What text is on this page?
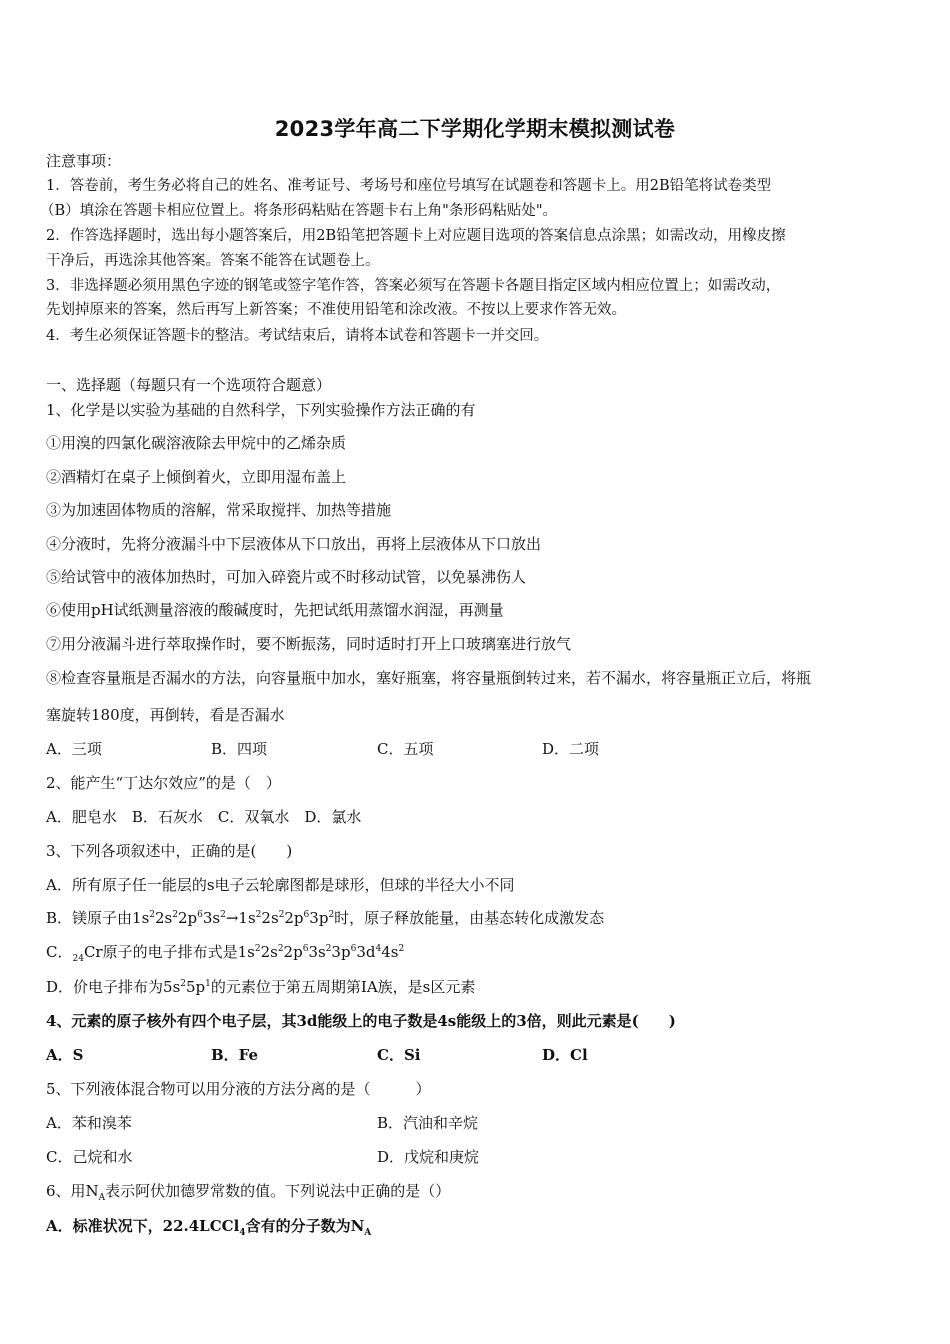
2023学年高二下学期化学期末模拟测试卷
注意事项：
1．答卷前，考生务必将自己的姓名、准考证号、考场号和座位号填写在试题卷和答题卡上。用2B铅笔将试卷类型
（B）填涂在答题卡相应位置上。将条形码粘贴在答题卡右上角"条形码粘贴处"。
2．作答选择题时，选出每小题答案后，用2B铅笔把答题卡上对应题目选项的答案信息点涂黑；如需改动，用橡皮擦
干净后，再选涂其他答案。答案不能答在试题卷上。
3．非选择题必须用黑色字迹的钢笔或签字笔作答，答案必须写在答题卡各题目指定区域内相应位置上；如需改动，
先划掉原来的答案，然后再写上新答案；不准使用铅笔和涂改液。不按以上要求作答无效。
4．考生必须保证答题卡的整洁。考试结束后，请将本试卷和答题卡一并交回。
一、选择题（每题只有一个选项符合题意）
1、化学是以实验为基础的自然科学，下列实验操作方法正确的有
①用溴的四氯化碳溶液除去甲烷中的乙烯杂质
②酒精灯在桌子上倾倒着火，立即用湿布盖上
③为加速固体物质的溶解，常采取搅拌、加热等措施
④分液时，先将分液漏斗中下层液体从下口放出，再将上层液体从下口放出
⑤给试管中的液体加热时，可加入碎瓷片或不时移动试管，以免暴沸伤人
⑥使用pH试纸测量溶液的酸碱度时，先把试纸用蒸馏水润湿，再测量
⑦用分液漏斗进行萃取操作时，要不断振荡，同时适时打开上口玻璃塞进行放气
⑧检查容量瓶是否漏水的方法，向容量瓶中加水，塞好瓶塞，将容量瓶倒转过来，若不漏水，将容量瓶正立后，将瓶
塞旋转180度，再倒转，看是否漏水
A．三项	B．四项	C．五项	D．二项
2、能产生“丁达尔效应”的是（　）
A．肥皂水　B．石灰水　C．双氧水　D．氯水
3、下列各项叙述中，正确的是(　　)
A．所有原子任一能层的s电子云轮廓图都是球形，但球的半径大小不同
B．镁原子由$1s^22s^22p^63s^2\to 1s^22s^22p^63p^2$时，原子释放能量，由基态转化成激发态
C．$_{24}$Cr原子的电子排布式是$1s^22s^22p^63s^23p^63d^44s^2$
D．价电子排布为$5s^25p^1$的元素位于第五周期第ⅠA族，是s区元素
4、元素的原子核外有四个电子层，其3d能级上的电子数是4s能级上的3倍，则此元素是(　　)
A．S	B．Fe	C．Si	D．Cl
5、下列液体混合物可以用分液的方法分离的是（　　　）
A．苯和溴苯	B．汽油和辛烷
C．己烷和水	D．戊烷和庚烷
6、用$N_A$表示阿伏加德罗常数的值。下列说法中正确 · ·的是（）
A．标准状况下，22.4LCCl$_4$含有的分子数为$N_A$
